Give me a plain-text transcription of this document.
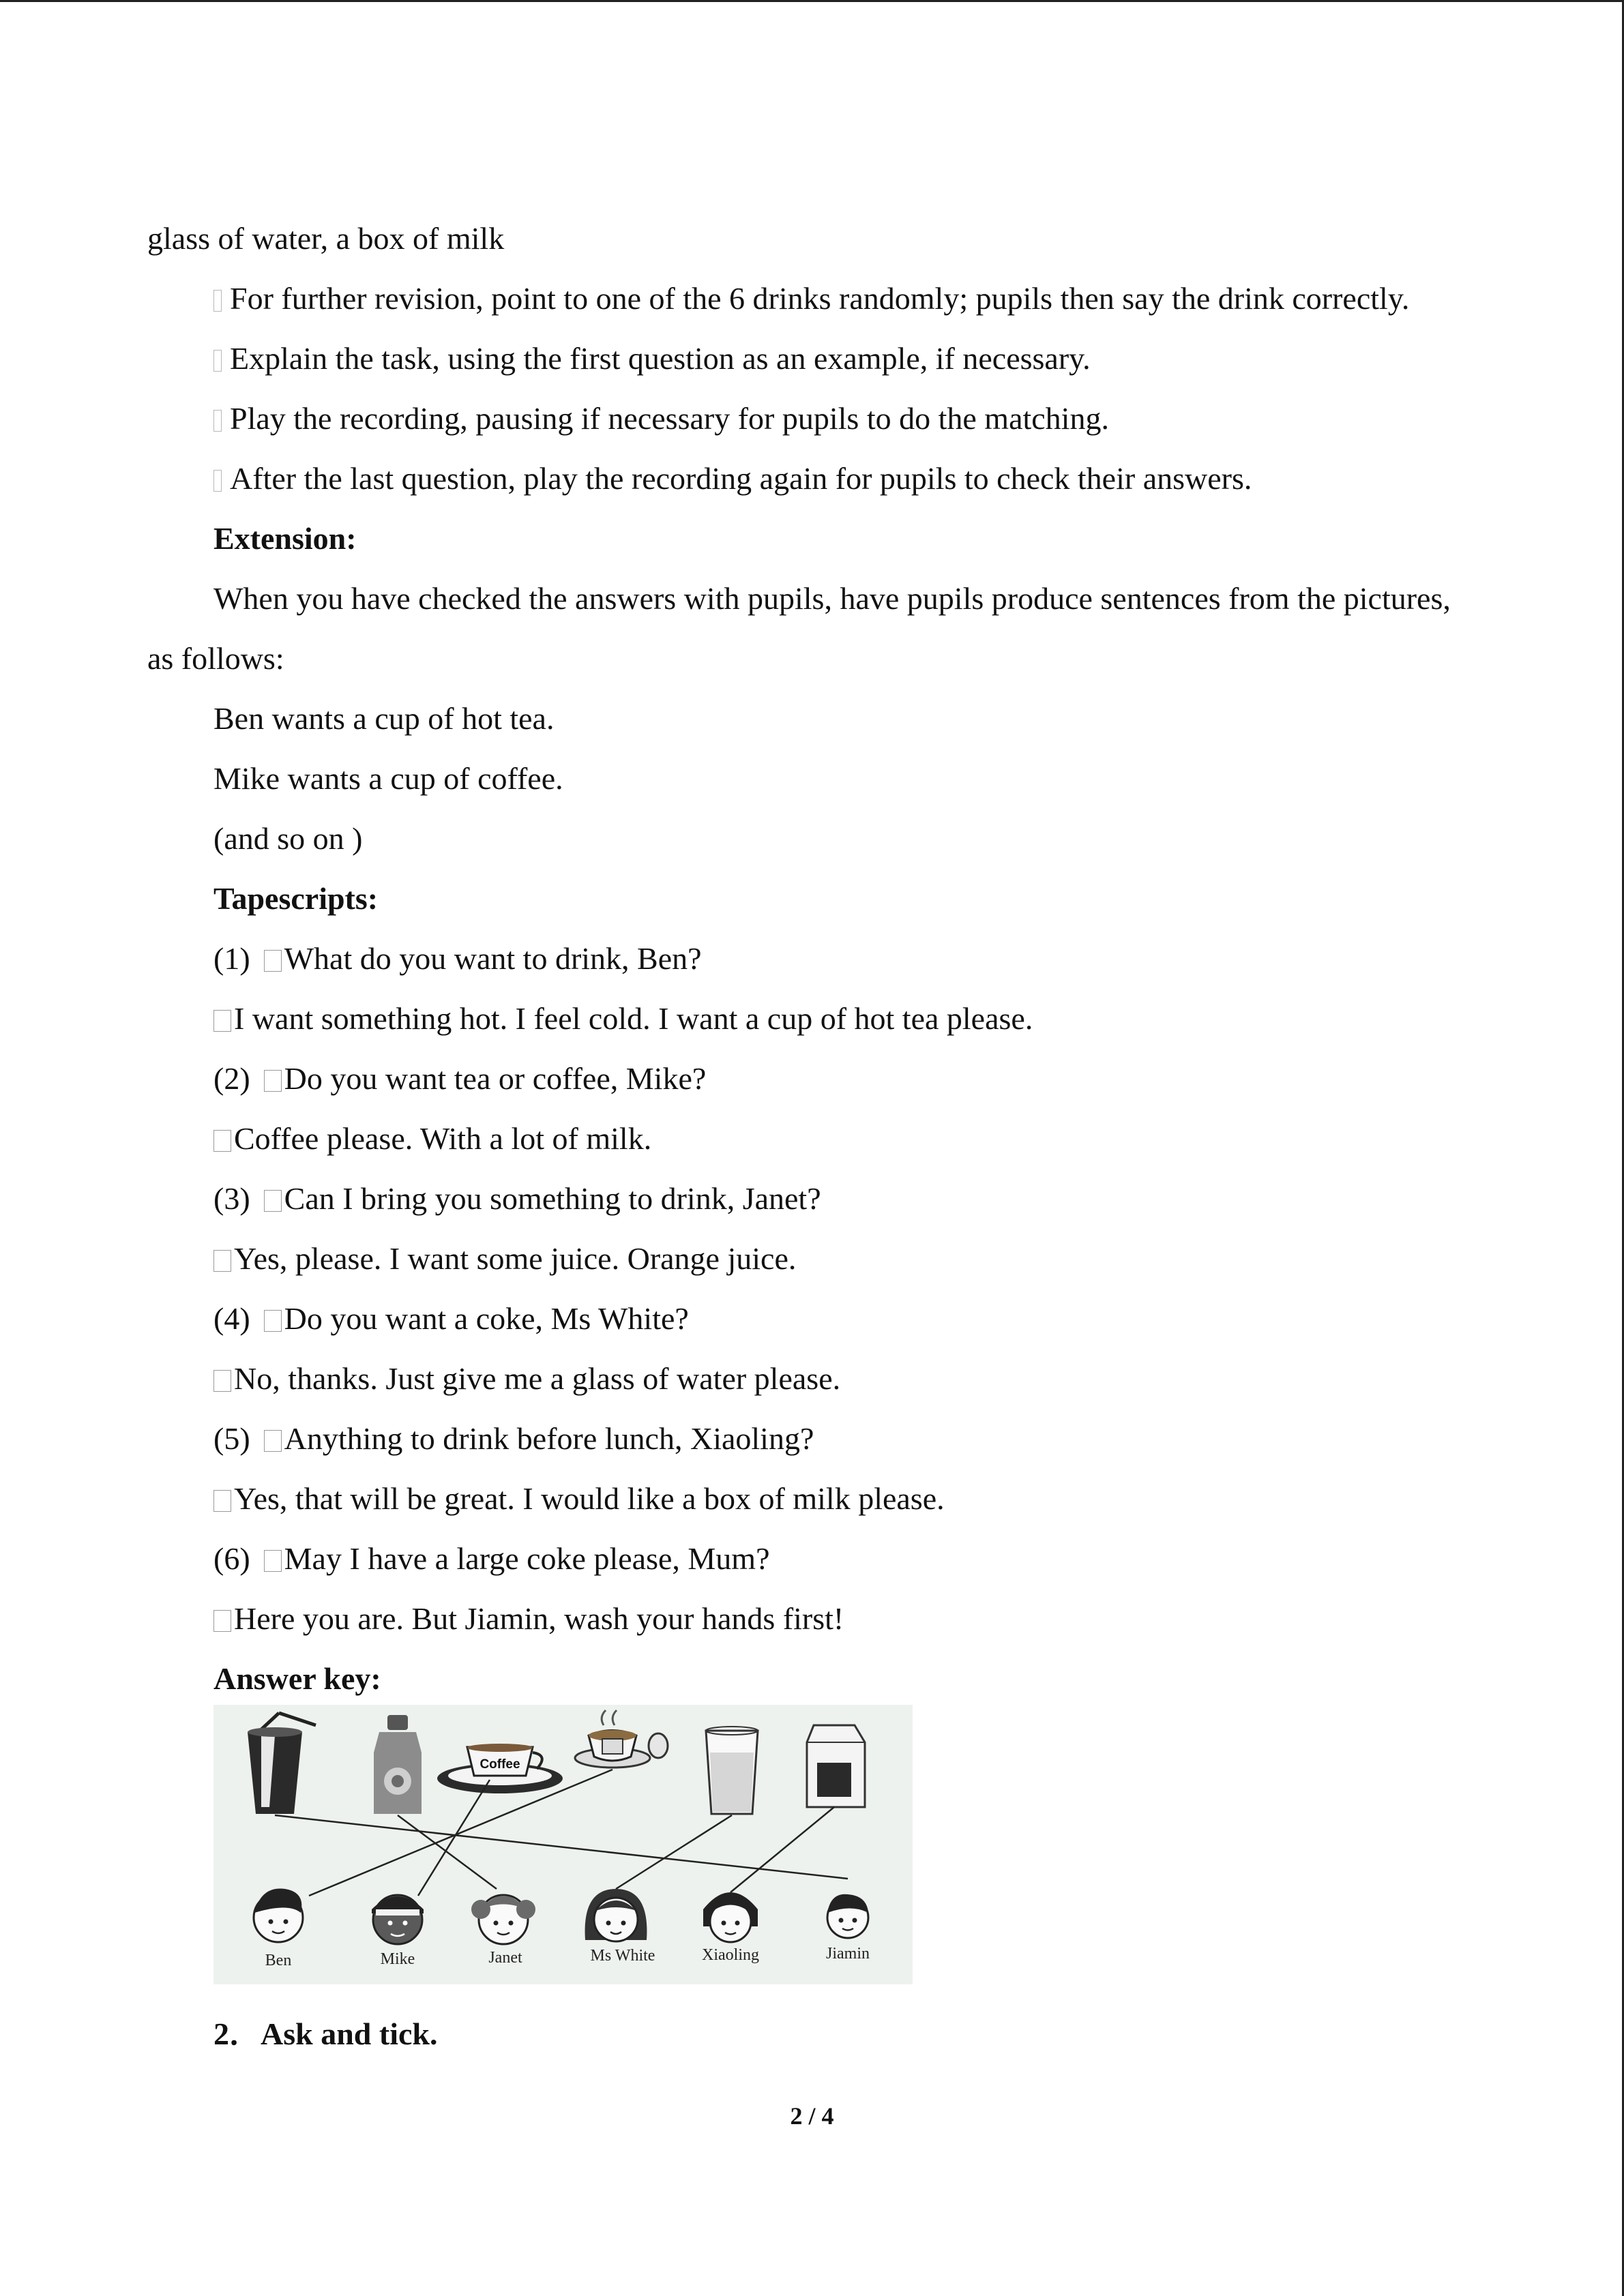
glass of water, a box of milk
For further revision, point to one of the 6 drinks randomly; pupils then say the drink correctly.
Explain the task, using the first question as an example, if necessary.
Play the recording, pausing if necessary for pupils to do the matching.
After the last question, play the recording again for pupils to check their answers.
Extension:
When you have checked the answers with pupils, have pupils produce sentences from the pictures,
as follows:
Ben wants a cup of hot tea.
Mike wants a cup of coffee.
(and so on )
Tapescripts:
(1) What do you want to drink, Ben?
I want something hot. I feel cold. I want a cup of hot tea please.
(2) Do you want tea or coffee, Mike?
Coffee please. With a lot of milk.
(3) Can I bring you something to drink, Janet?
Yes, please. I want some juice. Orange juice.
(4) Do you want a coke, Ms White?
No, thanks. Just give me a glass of water please.
(5) Anything to drink before lunch, Xiaoling?
Yes, that will be great. I would like a box of milk please.
(6) May I have a large coke please, Mum?
Here you are. But Jiamin, wash your hands first!
Answer key:
Coffee
Ben	Mike	Janet	Ms White	Xiaoling	Jiamin
2．Ask and tick.
2 / 4
